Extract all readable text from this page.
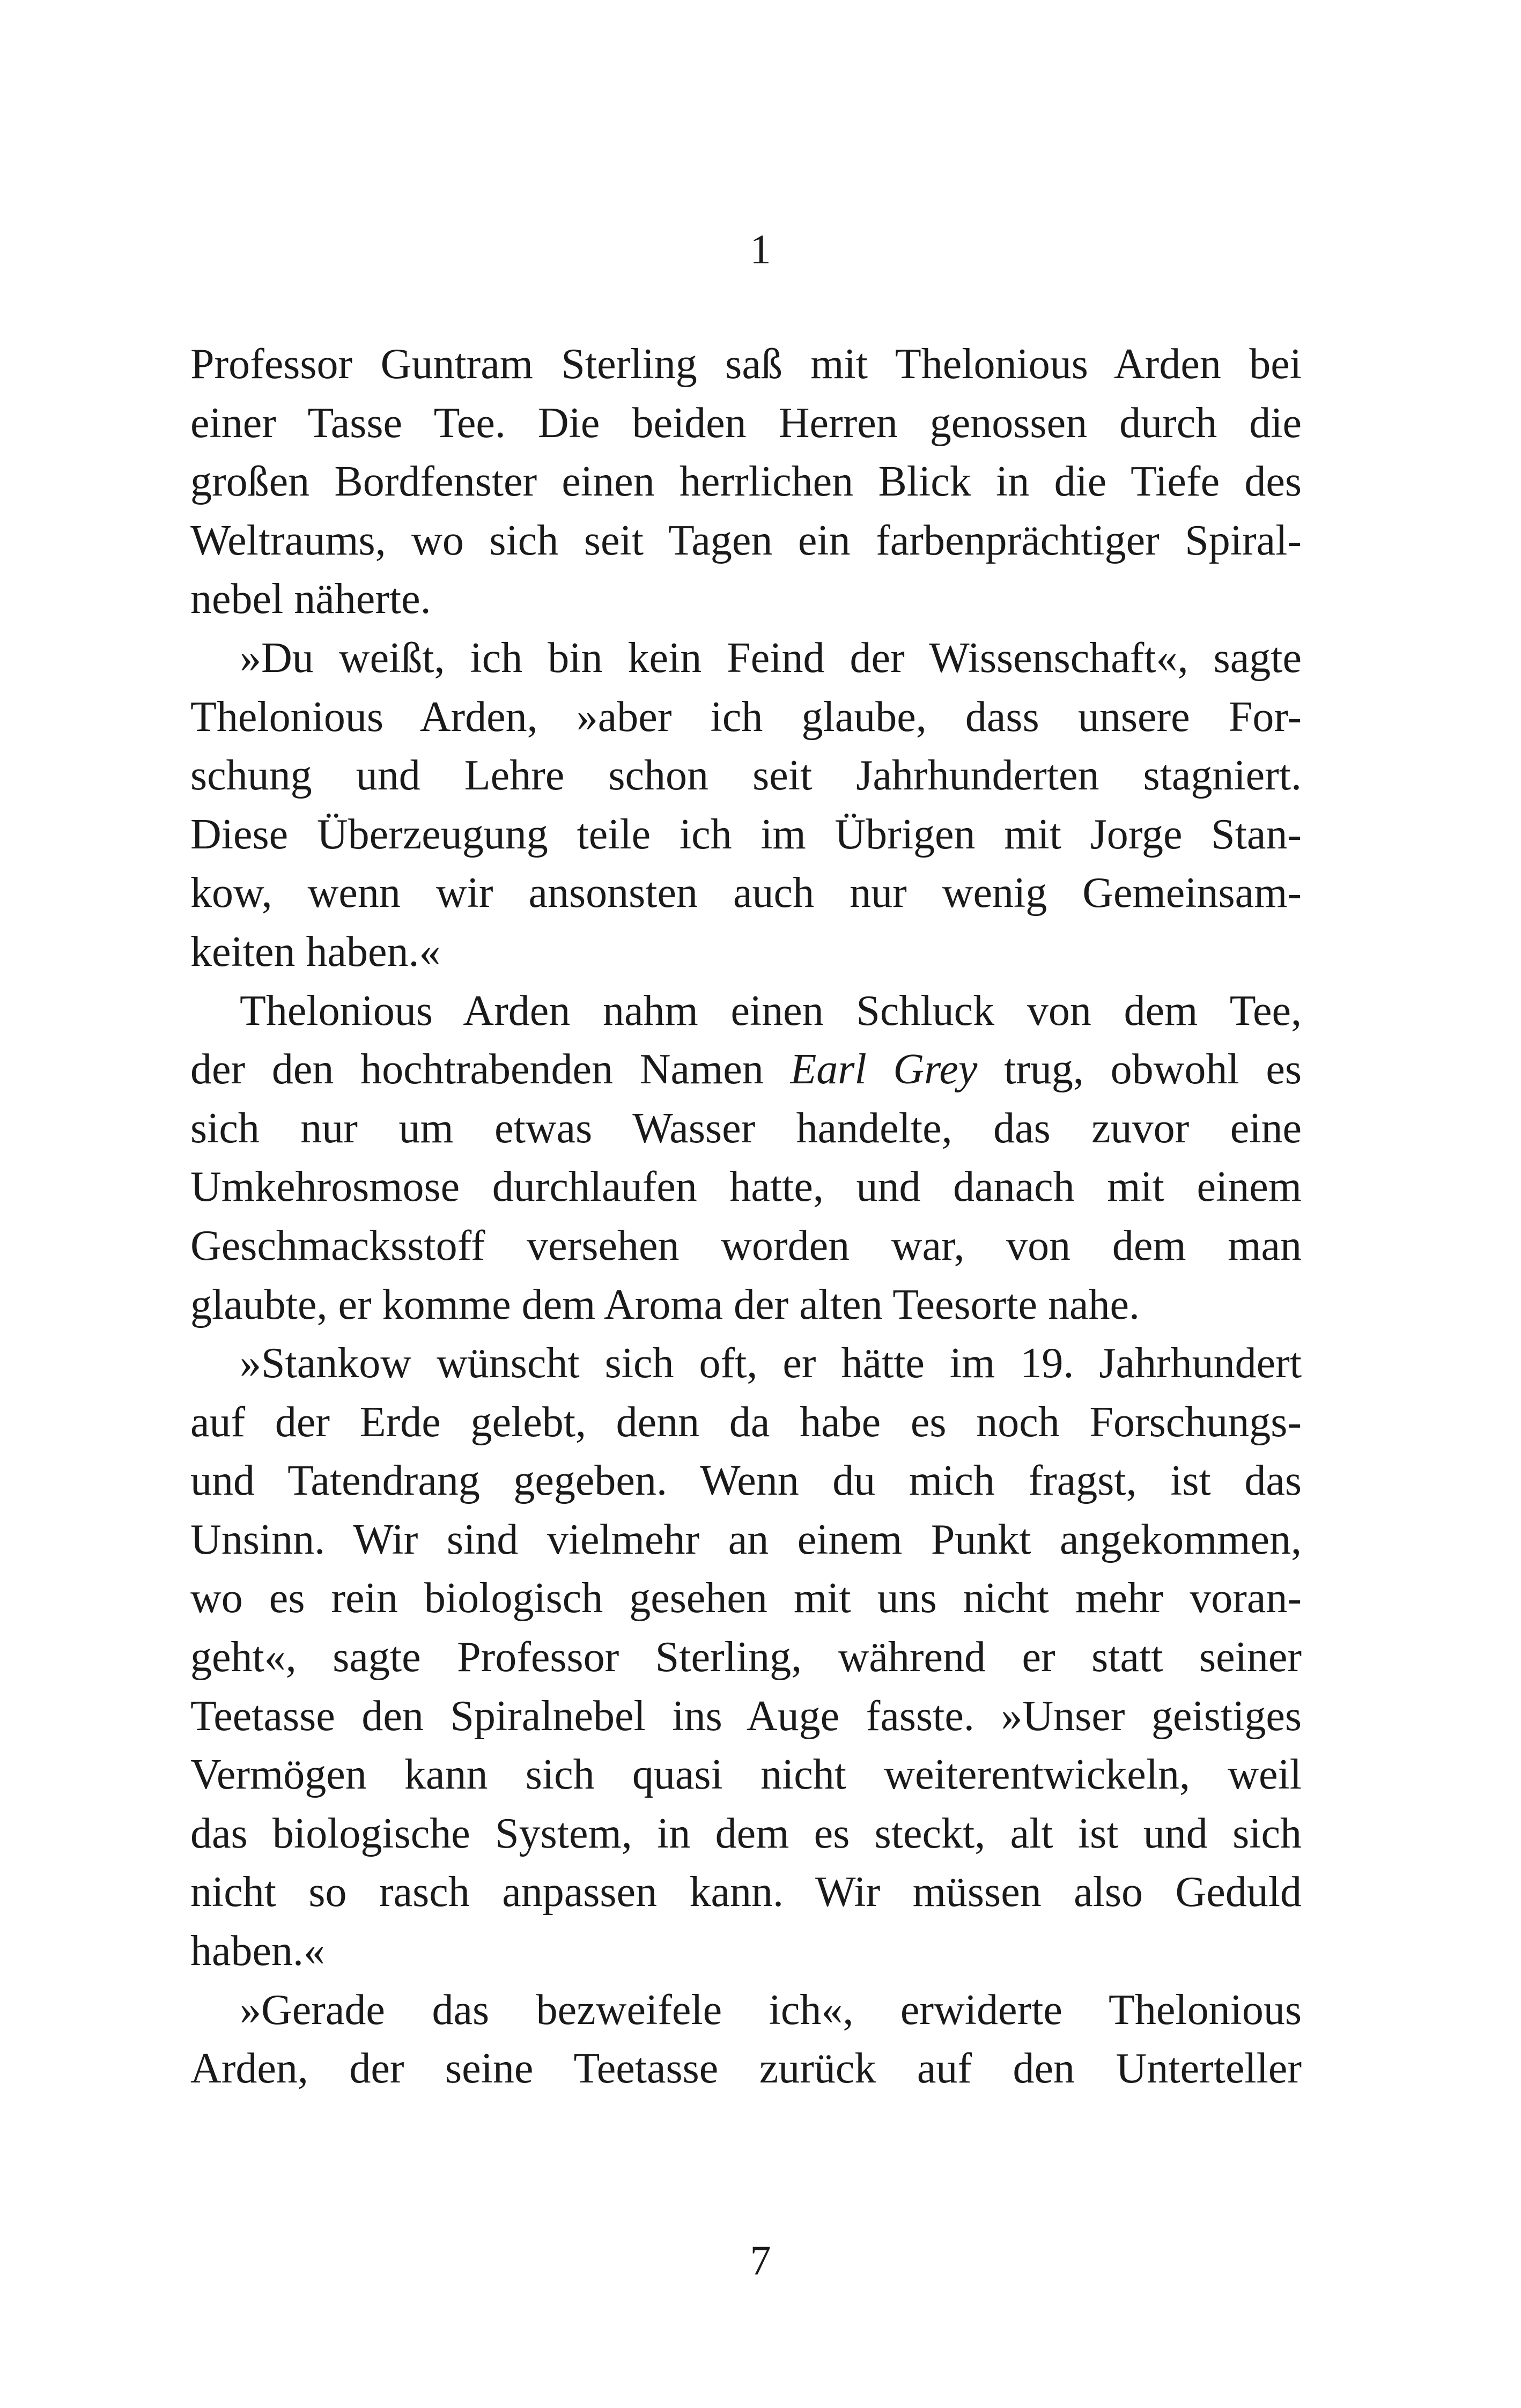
1
Professor Guntram Sterling saß mit Thelonious Arden bei
einer Tasse Tee. Die beiden Herren genossen durch die
großen Bordfenster einen herrlichen Blick in die Tiefe des
Weltraums, wo sich seit Tagen ein farbenprächtiger Spiral-
nebel näherte.
»Du weißt, ich bin kein Feind der Wissenschaft«, sagte
Thelonious Arden, »aber ich glaube, dass unsere For-
schung und Lehre schon seit Jahrhunderten stagniert.
Diese Überzeugung teile ich im Übrigen mit Jorge Stan-
kow, wenn wir ansonsten auch nur wenig Gemeinsam-
keiten haben.«
Thelonious Arden nahm einen Schluck von dem Tee,
der den hochtrabenden Namen Earl Grey trug, obwohl es
sich nur um etwas Wasser handelte, das zuvor eine
Umkehrosmose durchlaufen hatte, und danach mit einem
Geschmacksstoff versehen worden war, von dem man
glaubte, er komme dem Aroma der alten Teesorte nahe.
»Stankow wünscht sich oft, er hätte im 19. Jahrhundert
auf der Erde gelebt, denn da habe es noch Forschungs-
und Tatendrang gegeben. Wenn du mich fragst, ist das
Unsinn. Wir sind vielmehr an einem Punkt angekommen,
wo es rein biologisch gesehen mit uns nicht mehr voran-
geht«, sagte Professor Sterling, während er statt seiner
Teetasse den Spiralnebel ins Auge fasste. »Unser geistiges
Vermögen kann sich quasi nicht weiterentwickeln, weil
das biologische System, in dem es steckt, alt ist und sich
nicht so rasch anpassen kann. Wir müssen also Geduld
haben.«
»Gerade das bezweifele ich«, erwiderte Thelonious
Arden, der seine Teetasse zurück auf den Unterteller
7
